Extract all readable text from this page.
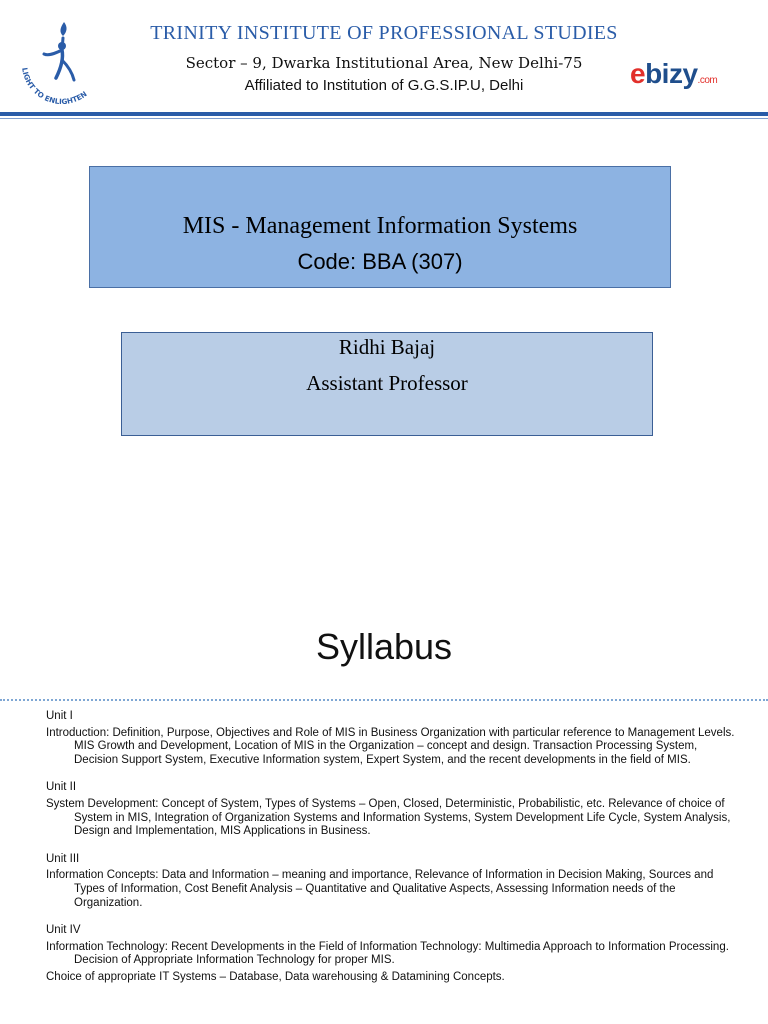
LIGHT TO ENLIGHTEN
TRINITY INSTITUTE OF PROFESSIONAL STUDIES
Sector – 9, Dwarka Institutional Area, New Delhi-75
Affiliated to Institution of G.G.S.IP.U, Delhi	ebizy.com
MIS - Management Information Systems
Code: BBA (307)
Ridhi Bajaj
Assistant Professor
Syllabus
Unit I
Introduction: Definition, Purpose, Objectives and Role of MIS in Business Organization with particular reference to Management Levels. MIS Growth and Development, Location of MIS in the Organization – concept and design. Transaction Processing System, Decision Support System, Executive Information system, Expert System, and the recent developments in the field of MIS.
Unit II
System Development: Concept of System, Types of Systems – Open, Closed, Deterministic, Probabilistic, etc. Relevance of choice of System in MIS, Integration of Organization Systems and Information Systems, System Development Life Cycle, System Analysis, Design and Implementation, MIS Applications in Business.
Unit III
Information Concepts: Data and Information – meaning and importance, Relevance of Information in Decision Making, Sources and Types of Information, Cost Benefit Analysis – Quantitative and Qualitative Aspects, Assessing Information needs of the Organization.
Unit IV
Information Technology: Recent Developments in the Field of Information Technology: Multimedia Approach to Information Processing. Decision of Appropriate Information Technology for proper MIS.
Choice of appropriate IT Systems – Database, Data warehousing & Datamining Concepts.
